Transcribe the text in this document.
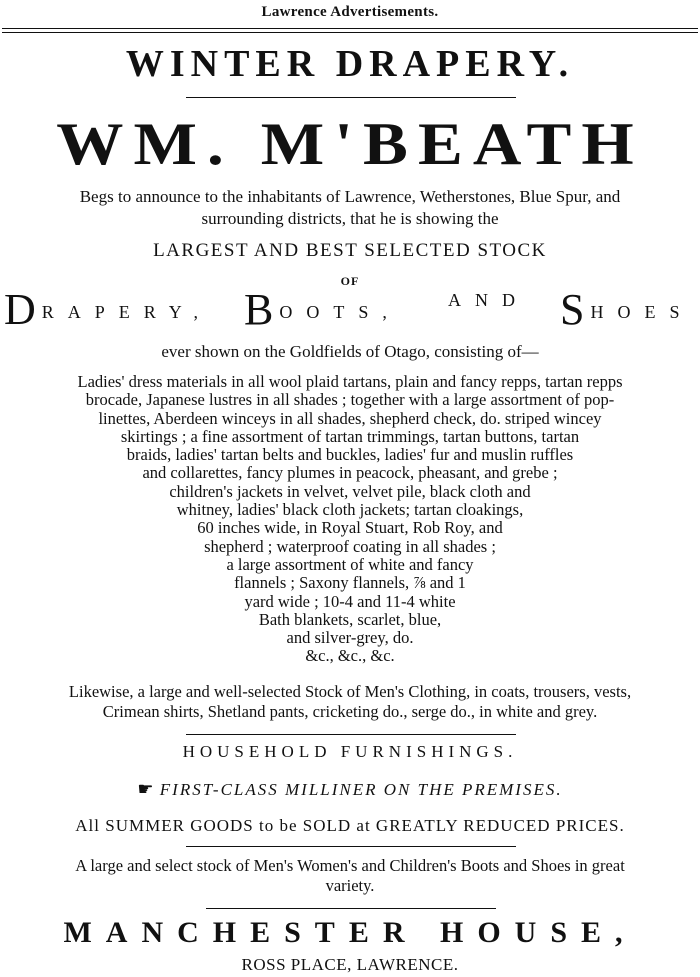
Lawrence Advertisements.
WINTER DRAPERY.
WM. M'BEATH
Begs to announce to the inhabitants of Lawrence, Wetherstones, Blue Spur, and
surrounding districts, that he is showing the
LARGEST AND BEST SELECTED STOCK
OF
DRAPERY, BOOTS,
AND SHOES
ever shown on the Goldfields of Otago, consisting of—
Ladies' dress materials in all wool plaid tartans, plain and fancy repps, tartan repps
brocade, Japanese lustres in all shades ; together with a large assortment of pop-
linettes, Aberdeen winceys in all shades, shepherd check, do. striped wincey
skirtings ; a fine assortment of tartan trimmings, tartan buttons, tartan
braids, ladies' tartan belts and buckles, ladies' fur and muslin ruffles
and collarettes, fancy plumes in peacock, pheasant, and grebe ;
children's jackets in velvet, velvet pile, black cloth and
whitney, ladies' black cloth jackets; tartan cloakings,
60 inches wide, in Royal Stuart, Rob Roy, and
shepherd ; waterproof coating in all shades ;
a large assortment of white and fancy
flannels ; Saxony flannels, ⅞ and 1
yard wide ; 10-4 and 11-4 white
Bath blankets, scarlet, blue,
and silver-grey, do.
&c., &c., &c.
Likewise, a large and well-selected Stock of Men's Clothing, in coats, trousers, vests,
Crimean shirts, Shetland pants, cricketing do., serge do., in white and grey.
HOUSEHOLD FURNISHINGS.
☛ FIRST-CLASS MILLINER ON THE PREMISES.
All SUMMER GOODS to be SOLD at GREATLY REDUCED PRICES.
A large and select stock of Men's Women's and Children's Boots and Shoes in great
variety.
MANCHESTER HOUSE,
ROSS PLACE, LAWRENCE.
